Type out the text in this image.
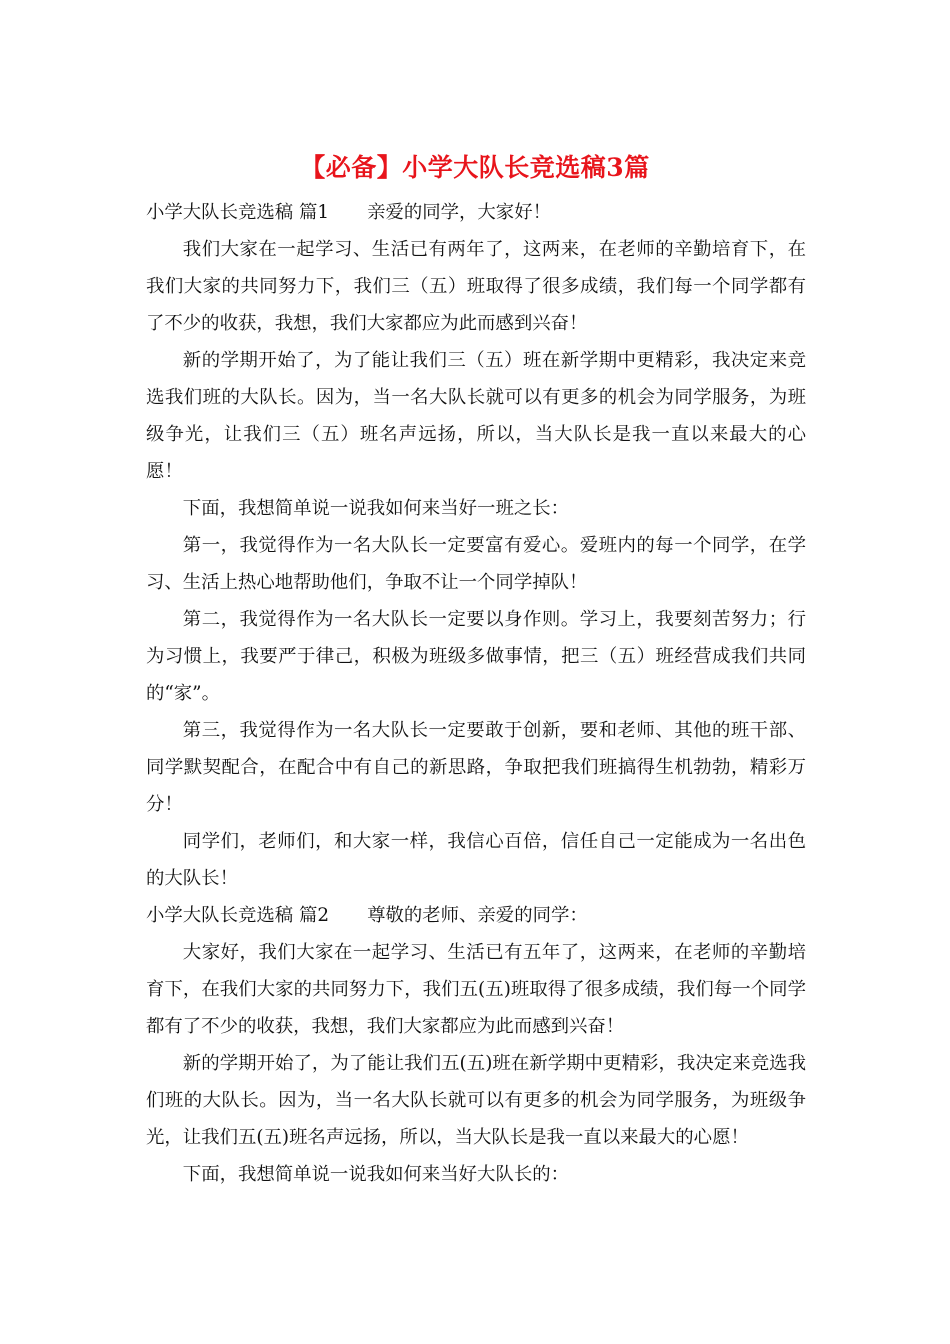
【必备】小学大队长竞选稿3篇

小学大队长竞选稿 篇1 亲爱的同学，大家好！

我们大家在一起学习、生活已有两年了，这两来，在老师的辛勤培育下，在我们大家的共同努力下，我们三（五）班取得了很多成绩，我们每一个同学都有了不少的收获，我想，我们大家都应为此而感到兴奋！

新的学期开始了，为了能让我们三（五）班在新学期中更精彩，我决定来竞选我们班的大队长。因为，当一名大队长就可以有更多的机会为同学服务，为班级争光，让我们三（五）班名声远扬，所以，当大队长是我一直以来最大的心愿！

下面，我想简单说一说我如何来当好一班之长：

第一，我觉得作为一名大队长一定要富有爱心。爱班内的每一个同学，在学习、生活上热心地帮助他们，争取不让一个同学掉队！

第二，我觉得作为一名大队长一定要以身作则。学习上，我要刻苦努力；行为习惯上，我要严于律己，积极为班级多做事情，把三（五）班经营成我们共同的“家”。

第三，我觉得作为一名大队长一定要敢于创新，要和老师、其他的班干部、同学默契配合，在配合中有自己的新思路，争取把我们班搞得生机勃勃，精彩万分！

同学们，老师们，和大家一样，我信心百倍，信任自己一定能成为一名出色的大队长！

小学大队长竞选稿 篇2 尊敬的老师、亲爱的同学：

大家好，我们大家在一起学习、生活已有五年了，这两来，在老师的辛勤培育下，在我们大家的共同努力下，我们五(五)班取得了很多成绩，我们每一个同学都有了不少的收获，我想，我们大家都应为此而感到兴奋！

新的学期开始了，为了能让我们五(五)班在新学期中更精彩，我决定来竞选我们班的大队长。因为，当一名大队长就可以有更多的机会为同学服务，为班级争光，让我们五(五)班名声远扬，所以，当大队长是我一直以来最大的心愿！

下面，我想简单说一说我如何来当好大队长的：
